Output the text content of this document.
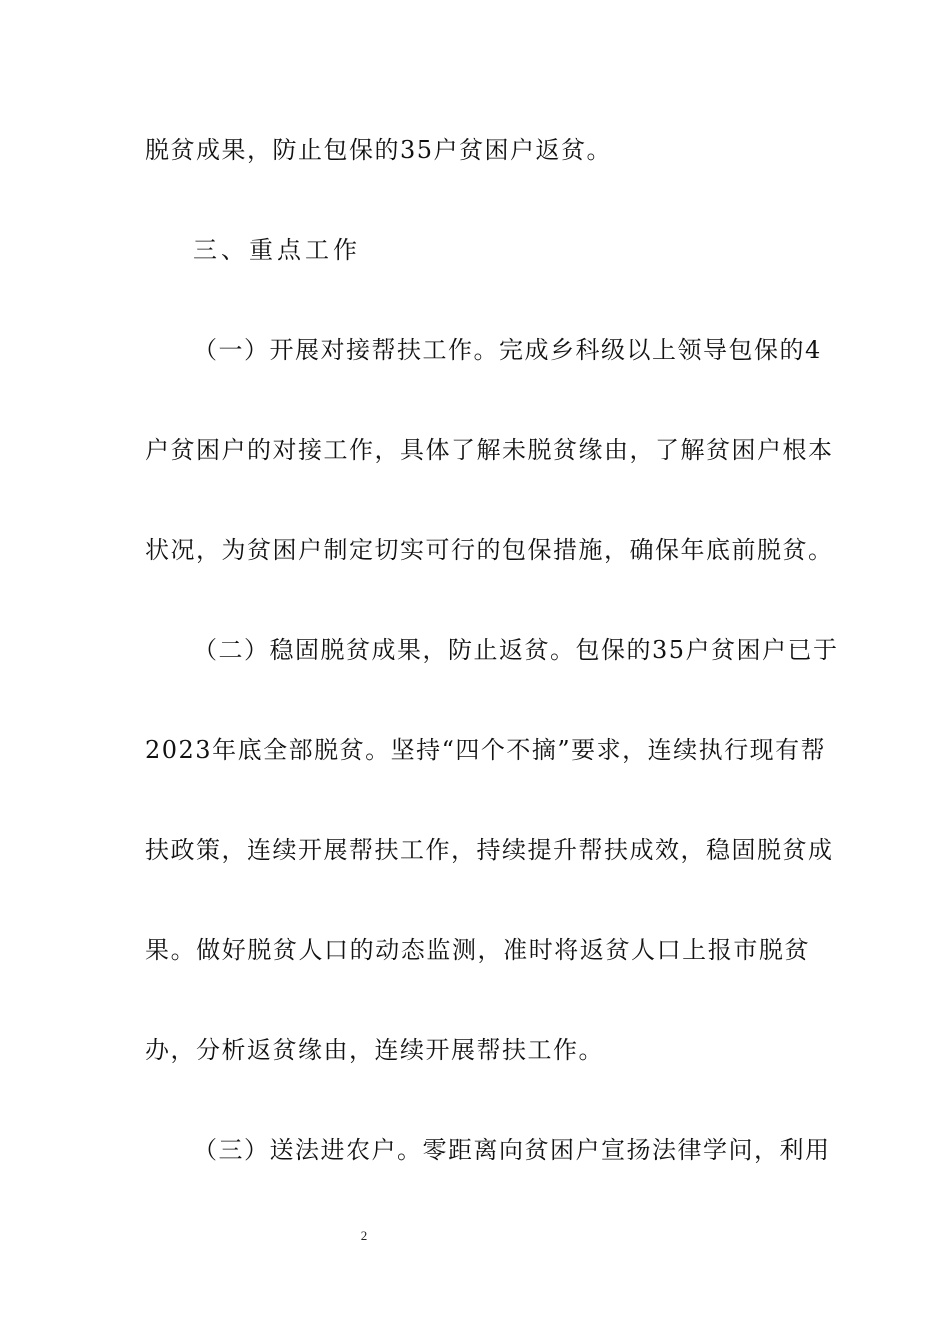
脱贫成果，防止包保的35户贫困户返贫。
三、重点工作
（一）开展对接帮扶工作。完成乡科级以上领导包保的4
户贫困户的对接工作，具体了解未脱贫缘由，了解贫困户根本
状况，为贫困户制定切实可行的包保措施，确保年底前脱贫。
（二）稳固脱贫成果，防止返贫。包保的35户贫困户已于
2023年底全部脱贫。坚持“四个不摘”要求，连续执行现有帮
扶政策，连续开展帮扶工作，持续提升帮扶成效，稳固脱贫成
果。做好脱贫人口的动态监测，准时将返贫人口上报市脱贫
办，分析返贫缘由，连续开展帮扶工作。
（三）送法进农户。零距离向贫困户宣扬法律学问，利用
2
